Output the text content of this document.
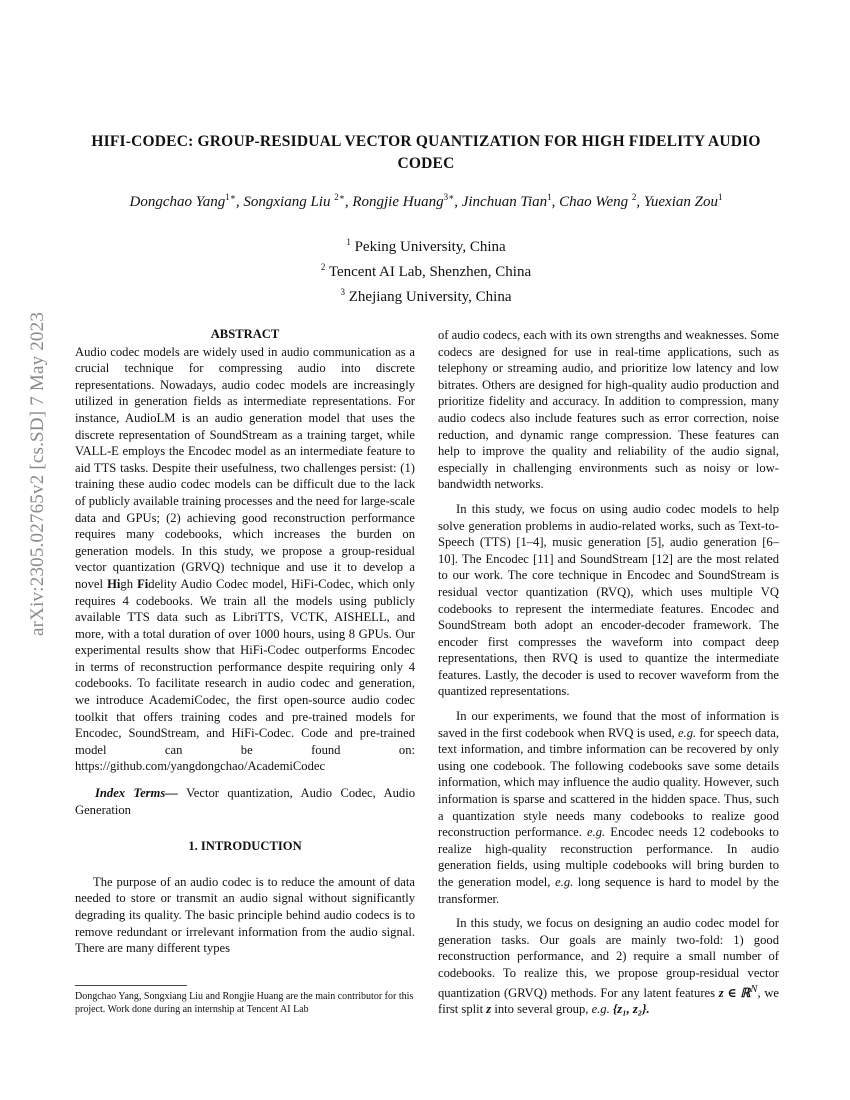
arXiv:2305.02765v2 [cs.SD] 7 May 2023
HIFI-CODEC: GROUP-RESIDUAL VECTOR QUANTIZATION FOR HIGH FIDELITY AUDIO CODEC
Dongchao Yang$^{1∗}$, Songxiang Liu $^{2∗}$, Rongjie Huang$^{3∗}$, Jinchuan Tian$^1$, Chao Weng $^2$, Yuexian Zou$^1$
$^1$ Peking University, China
$^2$ Tencent AI Lab, Shenzhen, China
$^3$ Zhejiang University, China
ABSTRACT

Audio codec models are widely used in audio communication as a crucial technique for compressing audio into discrete representations. Nowadays, audio codec models are increasingly utilized in generation fields as intermediate representations. For instance, AudioLM is an audio generation model that uses the discrete representation of SoundStream as a training target, while VALL-E employs the Encodec model as an intermediate feature to aid TTS tasks. Despite their usefulness, two challenges persist: (1) training these audio codec models can be difficult due to the lack of publicly available training processes and the need for large-scale data and GPUs; (2) achieving good reconstruction performance requires many codebooks, which increases the burden on generation models. In this study, we propose a group-residual vector quantization (GRVQ) technique and use it to develop a novel High Fidelity Audio Codec model, HiFi-Codec, which only requires 4 codebooks. We train all the models using publicly available TTS data such as LibriTTS, VCTK, AISHELL, and more, with a total duration of over 1000 hours, using 8 GPUs. Our experimental results show that HiFi-Codec outperforms Encodec in terms of reconstruction performance despite requiring only 4 codebooks. To facilitate research in audio codec and generation, we introduce AcademiCodec, the first open-source audio codec toolkit that offers training codes and pre-trained models for Encodec, SoundStream, and HiFi-Codec. Code and pre-trained model can be found on: https://github.com/yangdongchao/AcademiCodec

Index Terms— Vector quantization, Audio Codec, Audio Generation

1. INTRODUCTION

The purpose of an audio codec is to reduce the amount of data needed to store or transmit an audio signal without significantly degrading its quality. The basic principle behind audio codecs is to remove redundant or irrelevant information from the audio signal. There are many different types

Dongchao Yang, Songxiang Liu and Rongjie Huang are the main contributor for this project. Work done during an internship at Tencent AI Lab

of audio codecs, each with its own strengths and weaknesses. Some codecs are designed for use in real-time applications, such as telephony or streaming audio, and prioritize low latency and low bitrates. Others are designed for high-quality audio production and prioritize fidelity and accuracy. In addition to compression, many audio codecs also include features such as error correction, noise reduction, and dynamic range compression. These features can help to improve the quality and reliability of the audio signal, especially in challenging environments such as noisy or low-bandwidth networks.

In this study, we focus on using audio codec models to help solve generation problems in audio-related works, such as Text-to-Speech (TTS) [1–4], music generation [5], audio generation [6–10]. The Encodec [11] and SoundStream [12] are the most related to our work. The core technique in Encodec and SoundStream is residual vector quantization (RVQ), which uses multiple VQ codebooks to represent the intermediate features. Encodec and SoundStream both adopt an encoder-decoder framework. The encoder first compresses the waveform into compact deep representations, then RVQ is used to quantize the intermediate features. Lastly, the decoder is used to recover waveform from the quantized representations.

In our experiments, we found that the most of information is saved in the first codebook when RVQ is used, e.g. for speech data, text information, and timbre information can be recovered by only using one codebook. The following codebooks save some details information, which may influence the audio quality. However, such information is sparse and scattered in the hidden space. Thus, such a quantization style needs many codebooks to realize good reconstruction performance. e.g. Encodec needs 12 codebooks to realize high-quality reconstruction performance. In audio generation fields, using multiple codebooks will bring burden to the generation model, e.g. long sequence is hard to model by the transformer.

In this study, we focus on designing an audio codec model for generation tasks. Our goals are mainly two-fold: 1) good reconstruction performance, and 2) require a small number of codebooks. To realize this, we propose group-residual vector quantization (GRVQ) methods. For any latent features z ∈ ℝ$^N$, we first split z into several group, e.g. {z₁, z₂}.
